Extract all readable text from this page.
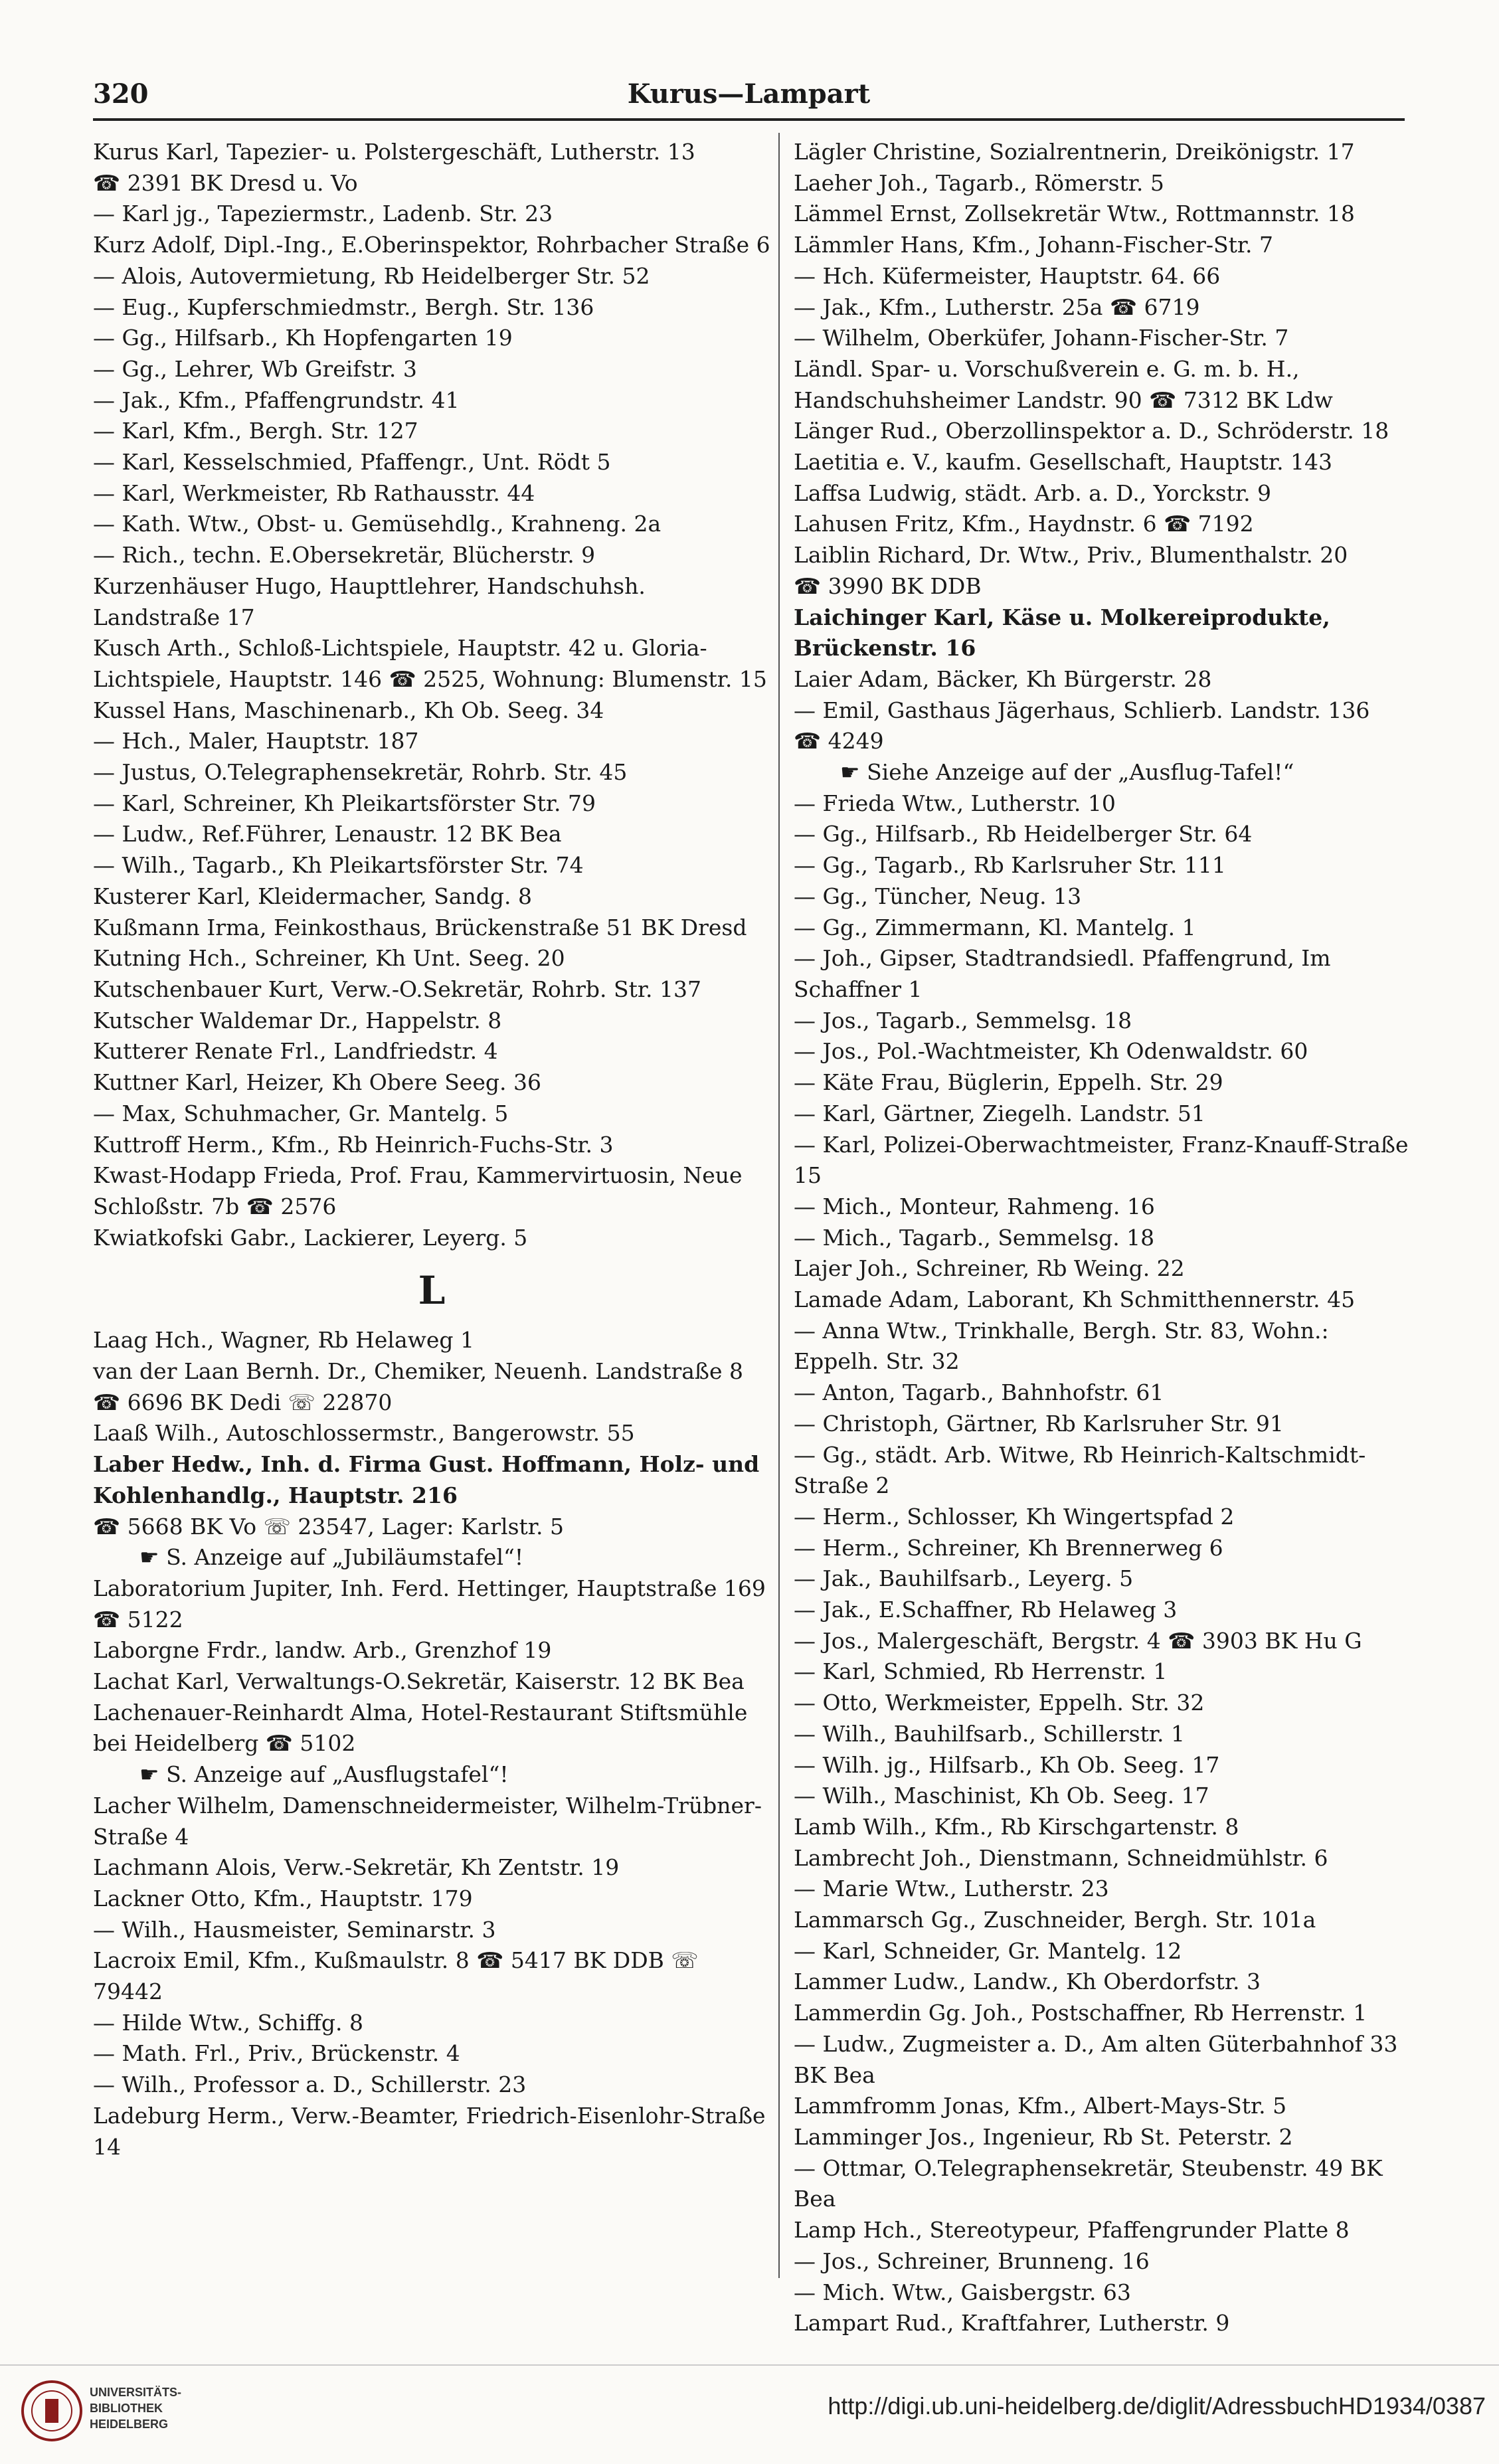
320	Kurus—Lampart

Kurus Karl, Tapezier- u. Polstergeschäft, Lutherstr. 13

☎ 2391 BK Dresd u. Vo

— Karl jg., Tapeziermstr., Ladenb. Str. 23

Kurz Adolf, Dipl.-Ing., E.Oberinspektor, Rohrbacher Straße 6

— Alois, Autovermietung, Rb Heidelberger Str. 52

— Eug., Kupferschmiedmstr., Bergh. Str. 136

— Gg., Hilfsarb., Kh Hopfengarten 19

— Gg., Lehrer, Wb Greifstr. 3

— Jak., Kfm., Pfaffengrundstr. 41

— Karl, Kfm., Bergh. Str. 127

— Karl, Kesselschmied, Pfaffengr., Unt. Rödt 5

— Karl, Werkmeister, Rb Rathausstr. 44

— Kath. Wtw., Obst- u. Gemüsehdlg., Krahneng. 2a

— Rich., techn. E.Obersekretär, Blücherstr. 9

Kurzenhäuser Hugo, Haupttlehrer, Handschuhsh. Landstraße 17

Kusch Arth., Schloß-Lichtspiele, Hauptstr. 42 u. Gloria-Lichtspiele, Hauptstr. 146 ☎ 2525, Wohnung: Blumenstr. 15

Kussel Hans, Maschinenarb., Kh Ob. Seeg. 34

— Hch., Maler, Hauptstr. 187

— Justus, O.Telegraphensekretär, Rohrb. Str. 45

— Karl, Schreiner, Kh Pleikartsförster Str. 79

— Ludw., Ref.Führer, Lenaustr. 12 BK Bea

— Wilh., Tagarb., Kh Pleikartsförster Str. 74

Kusterer Karl, Kleidermacher, Sandg. 8

Kußmann Irma, Feinkosthaus, Brückenstraße 51 BK Dresd

Kutning Hch., Schreiner, Kh Unt. Seeg. 20

Kutschenbauer Kurt, Verw.-O.Sekretär, Rohrb. Str. 137

Kutscher Waldemar Dr., Happelstr. 8

Kutterer Renate Frl., Landfriedstr. 4

Kuttner Karl, Heizer, Kh Obere Seeg. 36

— Max, Schuhmacher, Gr. Mantelg. 5

Kuttroff Herm., Kfm., Rb Heinrich-Fuchs-Str. 3

Kwast-Hodapp Frieda, Prof. Frau, Kammervirtuosin, Neue Schloßstr. 7b ☎ 2576

Kwiatkofski Gabr., Lackierer, Leyerg. 5

L

Laag Hch., Wagner, Rb Helaweg 1

van der Laan Bernh. Dr., Chemiker, Neuenh. Landstraße 8 ☎ 6696 BK Dedi ☏ 22870

Laaß Wilh., Autoschlossermstr., Bangerowstr. 55

Laber Hedw., Inh. d. Firma Gust. Hoffmann, Holz- und Kohlenhandlg., Hauptstr. 216

☎ 5668 BK Vo ☏ 23547, Lager: Karlstr. 5

☛ S. Anzeige auf „Jubiläumstafel“!

Laboratorium Jupiter, Inh. Ferd. Hettinger, Hauptstraße 169 ☎ 5122

Laborgne Frdr., landw. Arb., Grenzhof 19

Lachat Karl, Verwaltungs-O.Sekretär, Kaiserstr. 12 BK Bea

Lachenauer-Reinhardt Alma, Hotel-Restaurant Stiftsmühle bei Heidelberg ☎ 5102

☛ S. Anzeige auf „Ausflugstafel“!

Lacher Wilhelm, Damenschneidermeister, Wilhelm-Trübner-Straße 4

Lachmann Alois, Verw.-Sekretär, Kh Zentstr. 19

Lackner Otto, Kfm., Hauptstr. 179

— Wilh., Hausmeister, Seminarstr. 3

Lacroix Emil, Kfm., Kußmaulstr. 8 ☎ 5417 BK DDB ☏ 79442

— Hilde Wtw., Schiffg. 8

— Math. Frl., Priv., Brückenstr. 4

— Wilh., Professor a. D., Schillerstr. 23

Ladeburg Herm., Verw.-Beamter, Friedrich-Eisenlohr-Straße 14

Lägler Christine, Sozialrentnerin, Dreikönigstr. 17

Laeher Joh., Tagarb., Römerstr. 5

Lämmel Ernst, Zollsekretär Wtw., Rottmannstr. 18

Lämmler Hans, Kfm., Johann-Fischer-Str. 7

— Hch. Küfermeister, Hauptstr. 64. 66

— Jak., Kfm., Lutherstr. 25a ☎ 6719

— Wilhelm, Oberküfer, Johann-Fischer-Str. 7

Ländl. Spar- u. Vorschußverein e. G. m. b. H., Handschuhsheimer Landstr. 90 ☎ 7312 BK Ldw

Länger Rud., Oberzollinspektor a. D., Schröderstr. 18

Laetitia e. V., kaufm. Gesellschaft, Hauptstr. 143

Laffsa Ludwig, städt. Arb. a. D., Yorckstr. 9

Lahusen Fritz, Kfm., Haydnstr. 6 ☎ 7192

Laiblin Richard, Dr. Wtw., Priv., Blumenthalstr. 20

☎ 3990 BK DDB

Laichinger Karl, Käse u. Molkereiprodukte, Brückenstr. 16

Laier Adam, Bäcker, Kh Bürgerstr. 28

— Emil, Gasthaus Jägerhaus, Schlierb. Landstr. 136

☎ 4249

☛ Siehe Anzeige auf der „Ausflug-Tafel!“

— Frieda Wtw., Lutherstr. 10

— Gg., Hilfsarb., Rb Heidelberger Str. 64

— Gg., Tagarb., Rb Karlsruher Str. 111

— Gg., Tüncher, Neug. 13

— Gg., Zimmermann, Kl. Mantelg. 1

— Joh., Gipser, Stadtrandsiedl. Pfaffengrund, Im Schaffner 1

— Jos., Tagarb., Semmelsg. 18

— Jos., Pol.-Wachtmeister, Kh Odenwaldstr. 60

— Käte Frau, Büglerin, Eppelh. Str. 29

— Karl, Gärtner, Ziegelh. Landstr. 51

— Karl, Polizei-Oberwachtmeister, Franz-Knauff-Straße 15

— Mich., Monteur, Rahmeng. 16

— Mich., Tagarb., Semmelsg. 18

Lajer Joh., Schreiner, Rb Weing. 22

Lamade Adam, Laborant, Kh Schmitthennerstr. 45

— Anna Wtw., Trinkhalle, Bergh. Str. 83, Wohn.: Eppelh. Str. 32

— Anton, Tagarb., Bahnhofstr. 61

— Christoph, Gärtner, Rb Karlsruher Str. 91

— Gg., städt. Arb. Witwe, Rb Heinrich-Kaltschmidt-Straße 2

— Herm., Schlosser, Kh Wingertspfad 2

— Herm., Schreiner, Kh Brennerweg 6

— Jak., Bauhilfsarb., Leyerg. 5

— Jak., E.Schaffner, Rb Helaweg 3

— Jos., Malergeschäft, Bergstr. 4 ☎ 3903 BK Hu G

— Karl, Schmied, Rb Herrenstr. 1

— Otto, Werkmeister, Eppelh. Str. 32

— Wilh., Bauhilfsarb., Schillerstr. 1

— Wilh. jg., Hilfsarb., Kh Ob. Seeg. 17

— Wilh., Maschinist, Kh Ob. Seeg. 17

Lamb Wilh., Kfm., Rb Kirschgartenstr. 8

Lambrecht Joh., Dienstmann, Schneidmühlstr. 6

— Marie Wtw., Lutherstr. 23

Lammarsch Gg., Zuschneider, Bergh. Str. 101a

— Karl, Schneider, Gr. Mantelg. 12

Lammer Ludw., Landw., Kh Oberdorfstr. 3

Lammerdin Gg. Joh., Postschaffner, Rb Herrenstr. 1

— Ludw., Zugmeister a. D., Am alten Güterbahnhof 33 BK Bea

Lammfromm Jonas, Kfm., Albert-Mays-Str. 5

Lamminger Jos., Ingenieur, Rb St. Peterstr. 2

— Ottmar, O.Telegraphensekretär, Steubenstr. 49 BK Bea

Lamp Hch., Stereotypeur, Pfaffengrunder Platte 8

— Jos., Schreiner, Brunneng. 16

— Mich. Wtw., Gaisbergstr. 63

Lampart Rud., Kraftfahrer, Lutherstr. 9

UNIVERSITÄTS-
BIBLIOTHEK
HEIDELBERG
http://digi.ub.uni-heidelberg.de/diglit/AdressbuchHD1934/0387
